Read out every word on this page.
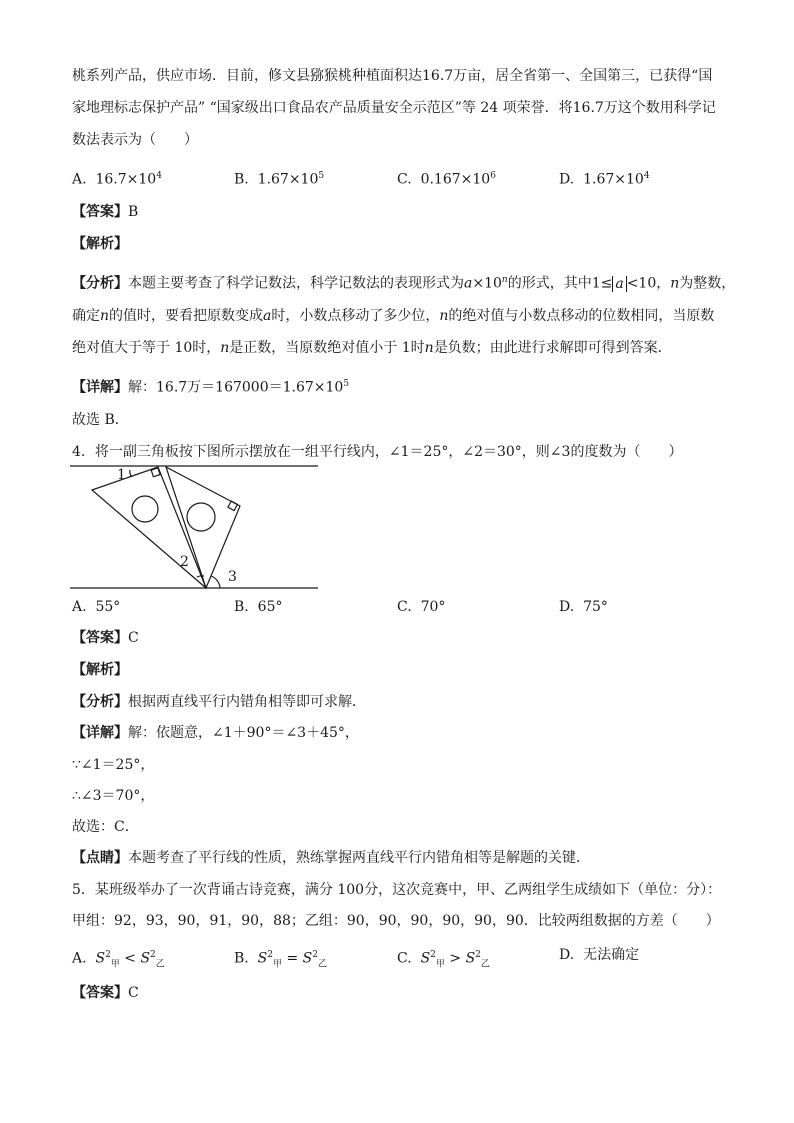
桃系列产品，供应市场．目前，修文县猕猴桃种植面积达16.7万亩，居全省第一、全国第三，已获得“国
家地理标志保护产品” “国家级出口食品农产品质量安全示范区”等 24 项荣誉．将16.7万这个数用科学记
数法表示为（　　）
A. $16.7\times 10^4$	B. $1.67\times 10^5$	C. $0.167\times 10^6$	D. $1.67\times 10^4$
【答案】B
【解析】
【分析】本题主要考查了科学记数法，科学记数法的表现形式为$a\times 10^n$的形式，其中1≤ a <10，n为整数，
确定n的值时，要看把原数变成a时，小数点移动了多少位，n的绝对值与小数点移动的位数相同，当原数
绝对值大于等于 10时，n是正数，当原数绝对值小于 1时n是负数；由此进行求解即可得到答案．
【详解】解：16.7万$=167000=1.67\times 10^5$
故选 B．
4．将一副三角板按下图所示摆放在一组平行线内，∠1＝25°，∠2＝30°，则∠3的度数为（　　）
1
2
3
A. 55°	B. 65°	C. 70°	D. 75°
【答案】C
【解析】
【分析】根据两直线平行内错角相等即可求解．
【详解】解：依题意，∠1＋90°＝∠3＋45°，
∵∠1＝25°，
∴∠3＝70°，
故选：C．
【点睛】本题考查了平行线的性质，熟练掌握两直线平行内错角相等是解题的关键．
5．某班级举办了一次背诵古诗竞赛，满分 100分，这次竞赛中，甲、乙两组学生成绩如下（单位：分）：
甲组：92，93，90，91，90，88；乙组：90，90，90，90，90，90．比较两组数据的方差（　　）
A. $S^2_甲 < S^2_乙$	B. $S^2_甲 = S^2_乙$	C. $S^2_甲 > S^2_乙$
D. 无法确定
【答案】C
